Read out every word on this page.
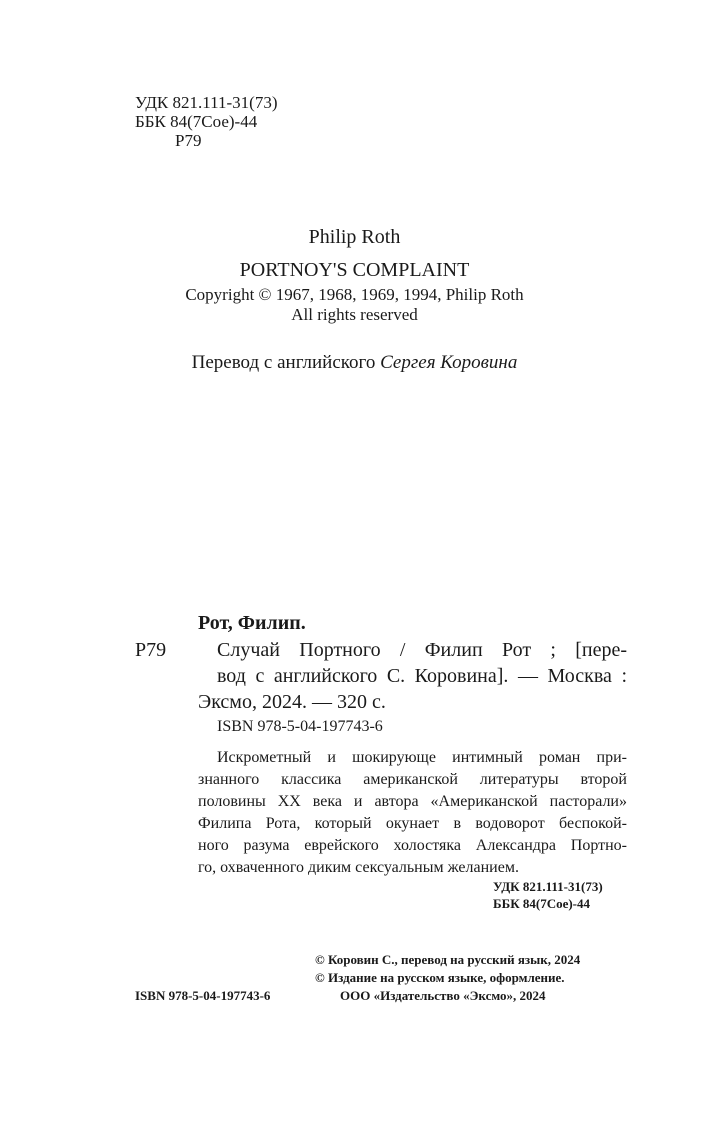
УДК 821.111-31(73)
ББК 84(7Сое)-44
Р79
Philip Roth
PORTNOY'S COMPLAINT
Copyright © 1967, 1968, 1969, 1994, Philip Roth
All rights reserved
Перевод с английского Сергея Коровина
Рот, Филип.
Р79	Случай Портного / Филип Рот ; [пере-
вод с английского С. Коровина]. — Москва :
Эксмо, 2024. — 320 с.
ISBN 978-5-04-197743-6
Искрометный и шокирующе интимный роман при-
знанного классика американской литературы второй
половины XX века и автора «Американской пасторали»
Филипа Рота, который окунает в водоворот беспокой-
ного разума еврейского холостяка Александра Портно-
го, охваченного диким сексуальным желанием.
УДК 821.111-31(73)
ББК 84(7Сое)-44
© Коровин С., перевод на русский язык, 2024
© Издание на русском языке, оформление.
ISBN 978-5-04-197743-6	ООО «Издательство «Эксмо», 2024
